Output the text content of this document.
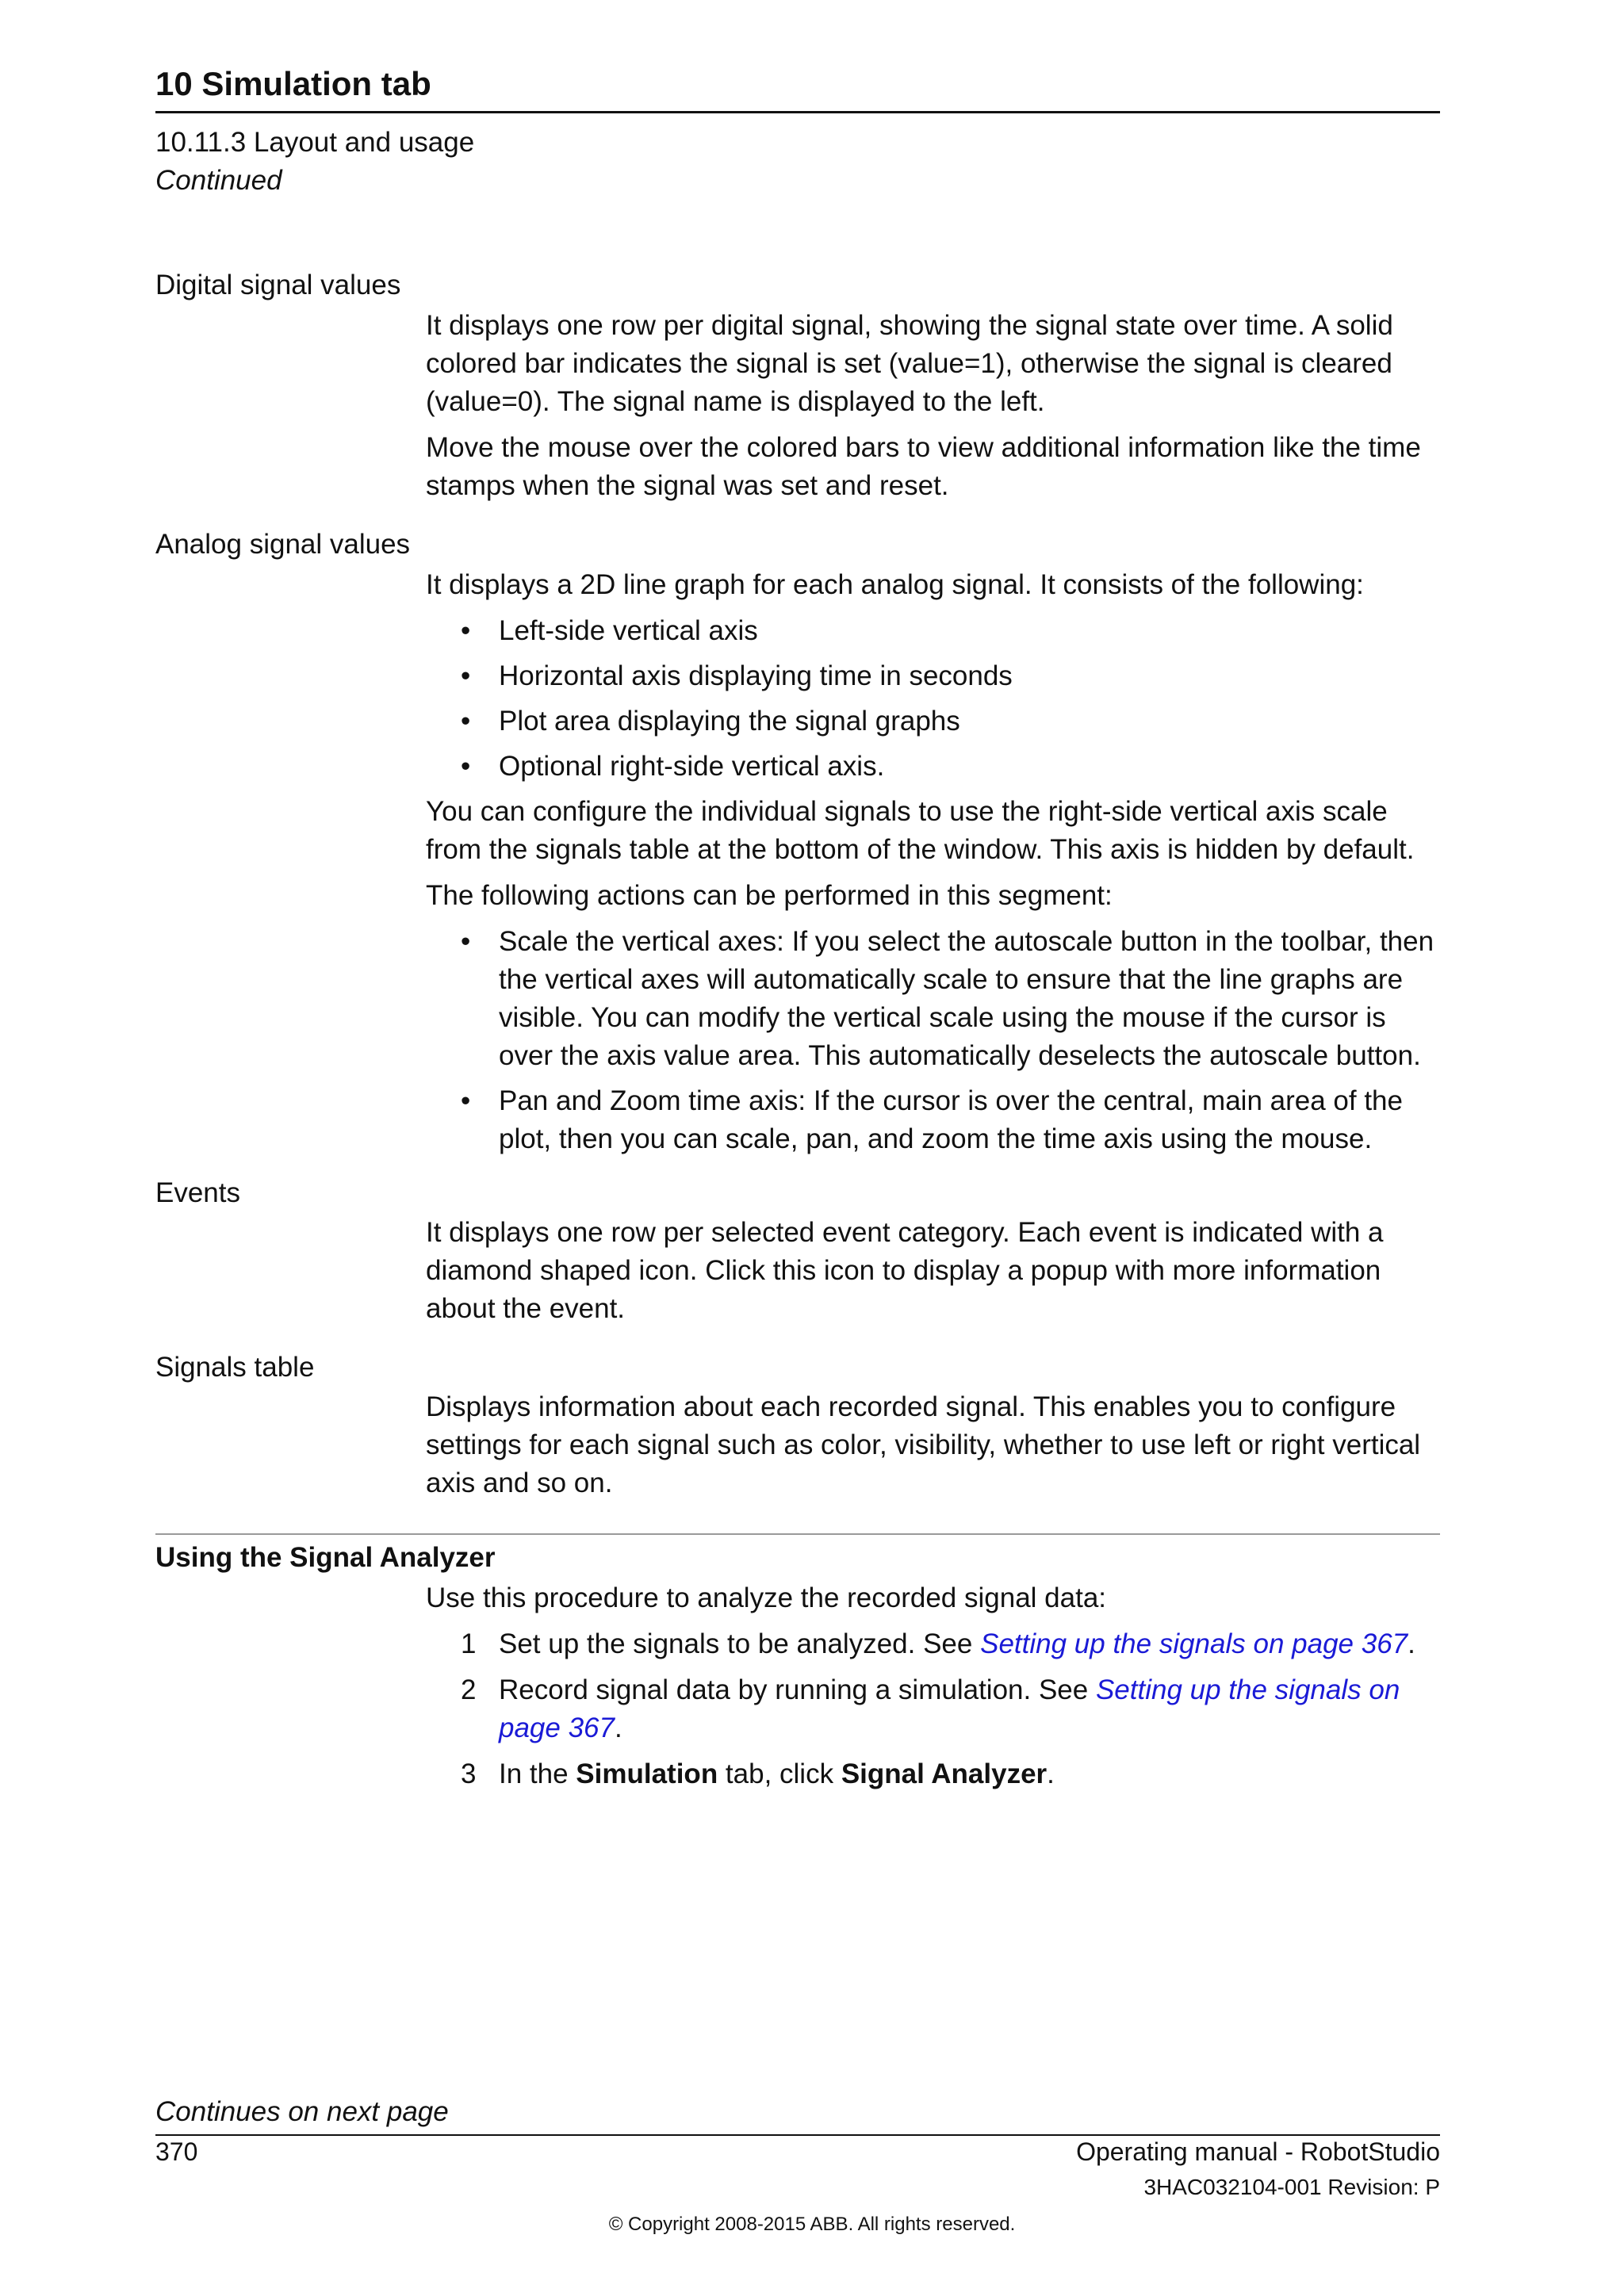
10 Simulation tab
10.11.3 Layout and usage
Continued
Digital signal values

It displays one row per digital signal, showing the signal state over time. A solid colored bar indicates the signal is set (value=1), otherwise the signal is cleared (value=0). The signal name is displayed to the left.

Move the mouse over the colored bars to view additional information like the time stamps when the signal was set and reset.

Analog signal values

It displays a 2D line graph for each analog signal. It consists of the following:

• Left-side vertical axis
• Horizontal axis displaying time in seconds
• Plot area displaying the signal graphs
• Optional right-side vertical axis.

You can configure the individual signals to use the right-side vertical axis scale from the signals table at the bottom of the window. This axis is hidden by default.

The following actions can be performed in this segment:

• Scale the vertical axes: If you select the autoscale button in the toolbar, then the vertical axes will automatically scale to ensure that the line graphs are visible. You can modify the vertical scale using the mouse if the cursor is over the axis value area. This automatically deselects the autoscale button.
• Pan and Zoom time axis: If the cursor is over the central, main area of the plot, then you can scale, pan, and zoom the time axis using the mouse.
Events

It displays one row per selected event category. Each event is indicated with a diamond shaped icon. Click this icon to display a popup with more information about the event.

Signals table

Displays information about each recorded signal. This enables you to configure settings for each signal such as color, visibility, whether to use left or right vertical axis and so on.

Using the Signal Analyzer

Use this procedure to analyze the recorded signal data:

1 Set up the signals to be analyzed. See Setting up the signals on page 367.
2 Record signal data by running a simulation. See Setting up the signals on page 367.
3 In the Simulation tab, click Signal Analyzer.
Continues on next page
370	Operating manual - RobotStudio
3HAC032104-001 Revision: P
© Copyright 2008-2015 ABB. All rights reserved.
